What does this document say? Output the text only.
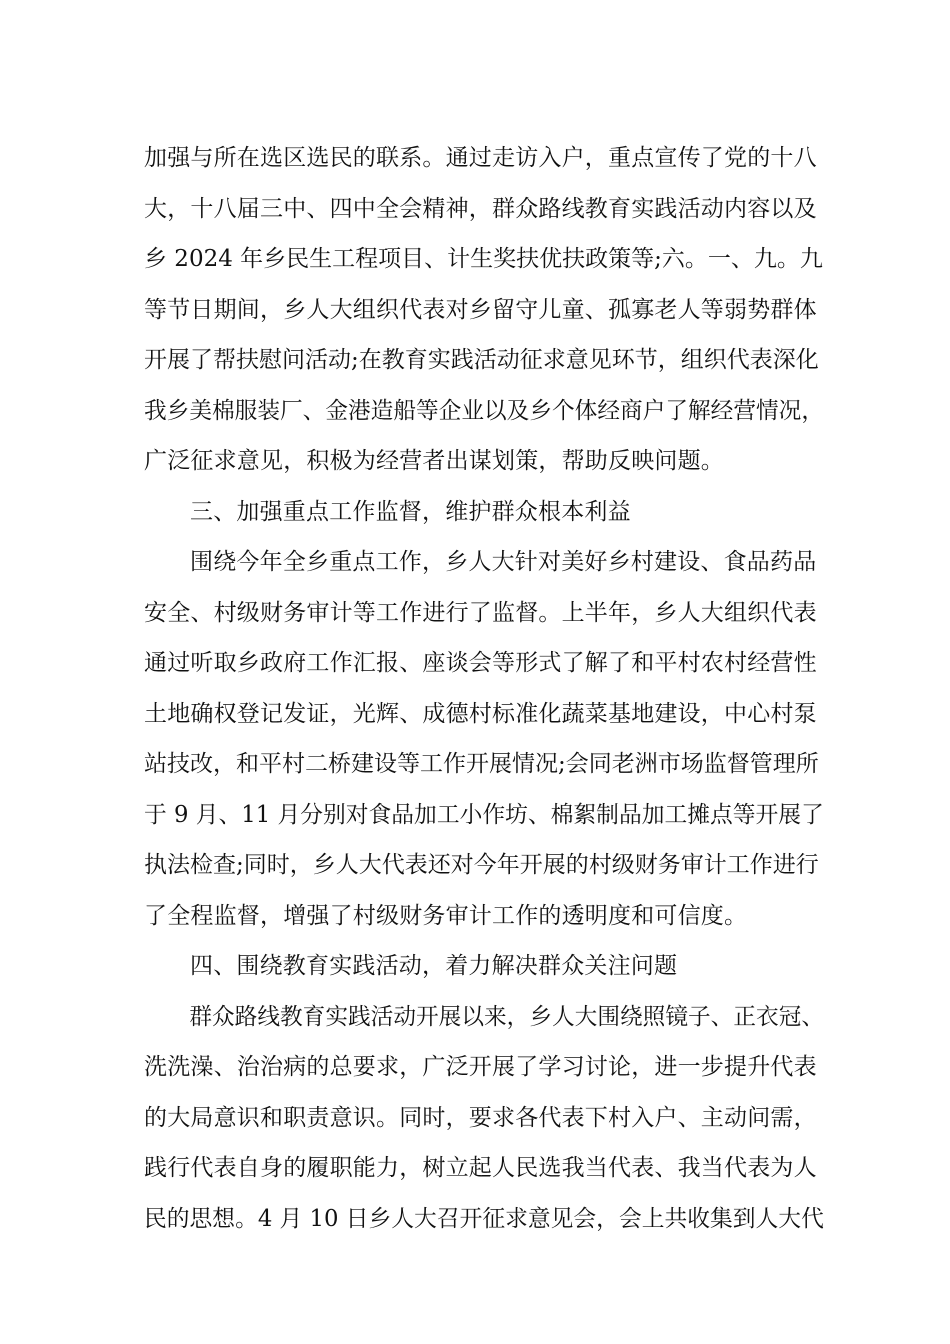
加强与所在选区选民的联系。通过走访入户，重点宣传了党的十八
大，十八届三中、四中全会精神，群众路线教育实践活动内容以及
乡 2024 年乡民生工程项目、计生奖扶优扶政策等;六。一、九。九
等节日期间，乡人大组织代表对乡留守儿童、孤寡老人等弱势群体
开展了帮扶慰问活动;在教育实践活动征求意见环节，组织代表深化
我乡美棉服装厂、金港造船等企业以及乡个体经商户了解经营情况，
广泛征求意见，积极为经营者出谋划策，帮助反映问题。
三、加强重点工作监督，维护群众根本利益
围绕今年全乡重点工作，乡人大针对美好乡村建设、食品药品
安全、村级财务审计等工作进行了监督。上半年，乡人大组织代表
通过听取乡政府工作汇报、座谈会等形式了解了和平村农村经营性
土地确权登记发证，光辉、成德村标准化蔬菜基地建设，中心村泵
站技改，和平村二桥建设等工作开展情况;会同老洲市场监督管理所
于 9 月、11 月分别对食品加工小作坊、棉絮制品加工摊点等开展了
执法检查;同时，乡人大代表还对今年开展的村级财务审计工作进行
了全程监督，增强了村级财务审计工作的透明度和可信度。
四、围绕教育实践活动，着力解决群众关注问题
群众路线教育实践活动开展以来，乡人大围绕照镜子、正衣冠、
洗洗澡、治治病的总要求，广泛开展了学习讨论，进一步提升代表
的大局意识和职责意识。同时，要求各代表下村入户、主动问需，
践行代表自身的履职能力，树立起人民选我当代表、我当代表为人
民的思想。4 月 10 日乡人大召开征求意见会，会上共收集到人大代
